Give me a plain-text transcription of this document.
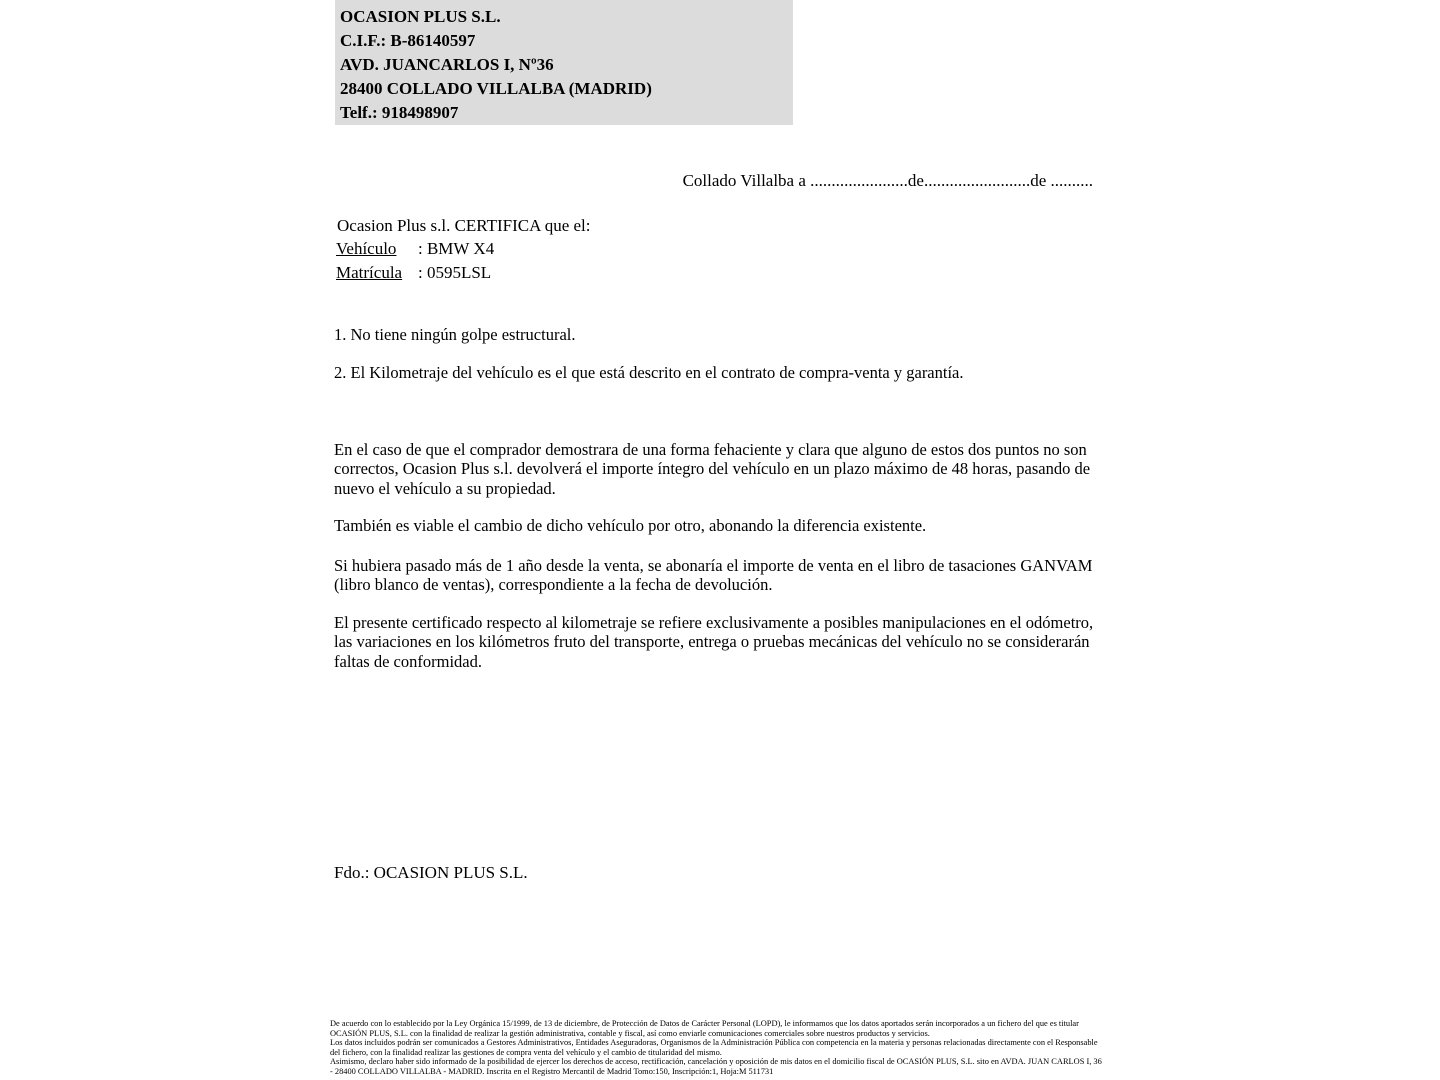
OCASION PLUS S.L.
C.I.F.: B-86140597
AVD. JUANCARLOS I, Nº36
28400 COLLADO VILLALBA (MADRID)
Telf.: 918498907
Collado Villalba a .......................de.........................de ..........
Ocasion Plus s.l. CERTIFICA que el:
Vehículo : BMW X4
Matrícula : 0595LSL
1. No tiene ningún golpe estructural.
2. El Kilometraje del vehículo es el que está descrito en el contrato de compra-venta y garantía.
En el caso de que el comprador demostrara de una forma fehaciente y clara que alguno de estos dos puntos no son correctos, Ocasion Plus s.l. devolverá el importe íntegro del vehículo en un plazo máximo de 48 horas, pasando de nuevo el vehículo a su propiedad.
También es viable el cambio de dicho vehículo por otro, abonando la diferencia existente.
Si hubiera pasado más de 1 año desde la venta, se abonaría el importe de venta en el libro de tasaciones GANVAM (libro blanco de ventas), correspondiente a la fecha de devolución.
El presente certificado respecto al kilometraje se refiere exclusivamente a posibles manipulaciones en el odómetro, las variaciones en los kilómetros fruto del transporte, entrega o pruebas mecánicas del vehículo no se considerarán faltas de conformidad.
Fdo.: OCASION PLUS S.L.
De acuerdo con lo establecido por la Ley Orgánica 15/1999, de 13 de diciembre, de Protección de Datos de Carácter Personal (LOPD), le informamos que los datos aportados serán incorporados a un fichero del que es titular OCASIÓN PLUS, S.L. con la finalidad de realizar la gestión administrativa, contable y fiscal, así como enviarle comunicaciones comerciales sobre nuestros productos y servicios.
Los datos incluidos podrán ser comunicados a Gestores Administrativos, Entidades Aseguradoras, Organismos de la Administración Pública con competencia en la materia y personas relacionadas directamente con el Responsable del fichero, con la finalidad realizar las gestiones de compra venta del vehículo y el cambio de titularidad del mismo.
Asimismo, declaro haber sido informado de la posibilidad de ejercer los derechos de acceso, rectificación, cancelación y oposición de mis datos en el domicilio fiscal de OCASIÓN PLUS, S.L. sito en AVDA. JUAN CARLOS I, 36 - 28400 COLLADO VILLALBA - MADRID. Inscrita en el Registro Mercantil de Madrid Tomo:150, Inscripción:1, Hoja:M 511731
